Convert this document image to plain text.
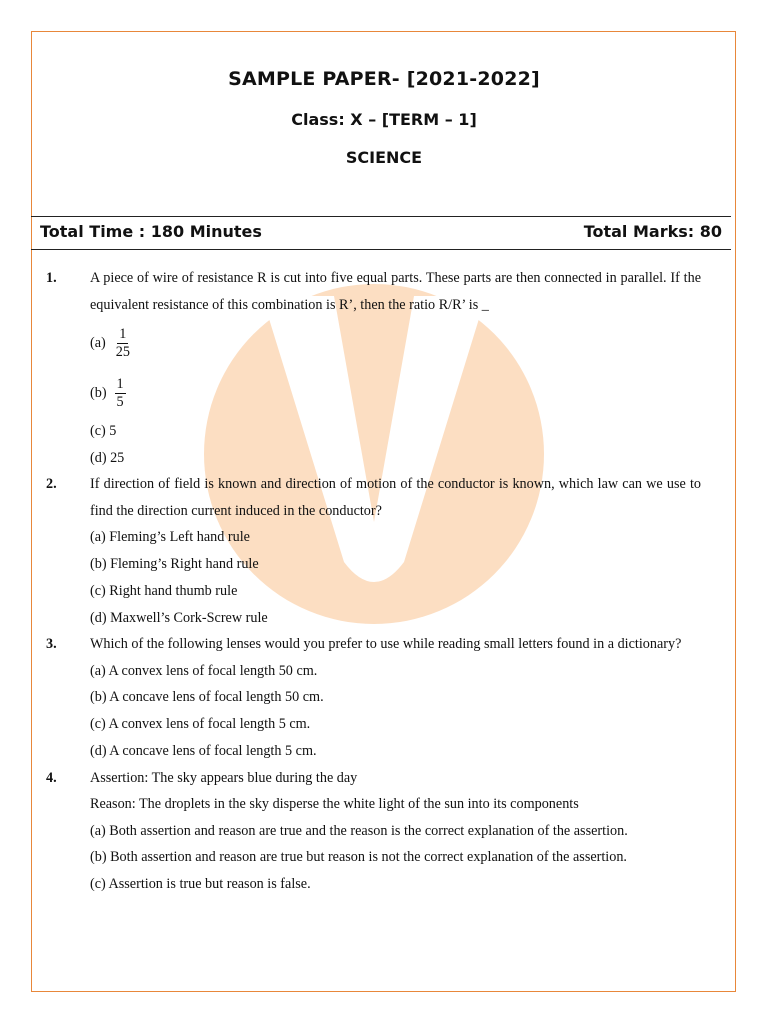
SAMPLE PAPER- [2021-2022]
Class: X – [TERM – 1]
SCIENCE
Total Time : 180 Minutes	Total Marks: 80
1.	A piece of wire of resistance R is cut into five equal parts. These parts are then connected in parallel. If the equivalent resistance of this combination is R’, then the ratio R/R’ is _
$(a) \frac{1}{25}$
$(b) \frac{1}{5}$
(c) 5
(d) 25
2.	If direction of field is known and direction of motion of the conductor is known, which law can we use to find the direction current induced in the conductor?
(a) Fleming’s Left hand rule
(b) Fleming’s Right hand rule
(c) Right hand thumb rule
(d) Maxwell’s Cork-Screw rule
3.	Which of the following lenses would you prefer to use while reading small letters found in a dictionary?
(a) A convex lens of focal length 50 cm.
(b) A concave lens of focal length 50 cm.
(c) A convex lens of focal length 5 cm.
(d) A concave lens of focal length 5 cm.
4.	Assertion: The sky appears blue during the day
Reason: The droplets in the sky disperse the white light of the sun into its components
(a) Both assertion and reason are true and the reason is the correct explanation of the assertion.
(b) Both assertion and reason are true but reason is not the correct explanation of the assertion.
(c) Assertion is true but reason is false.
